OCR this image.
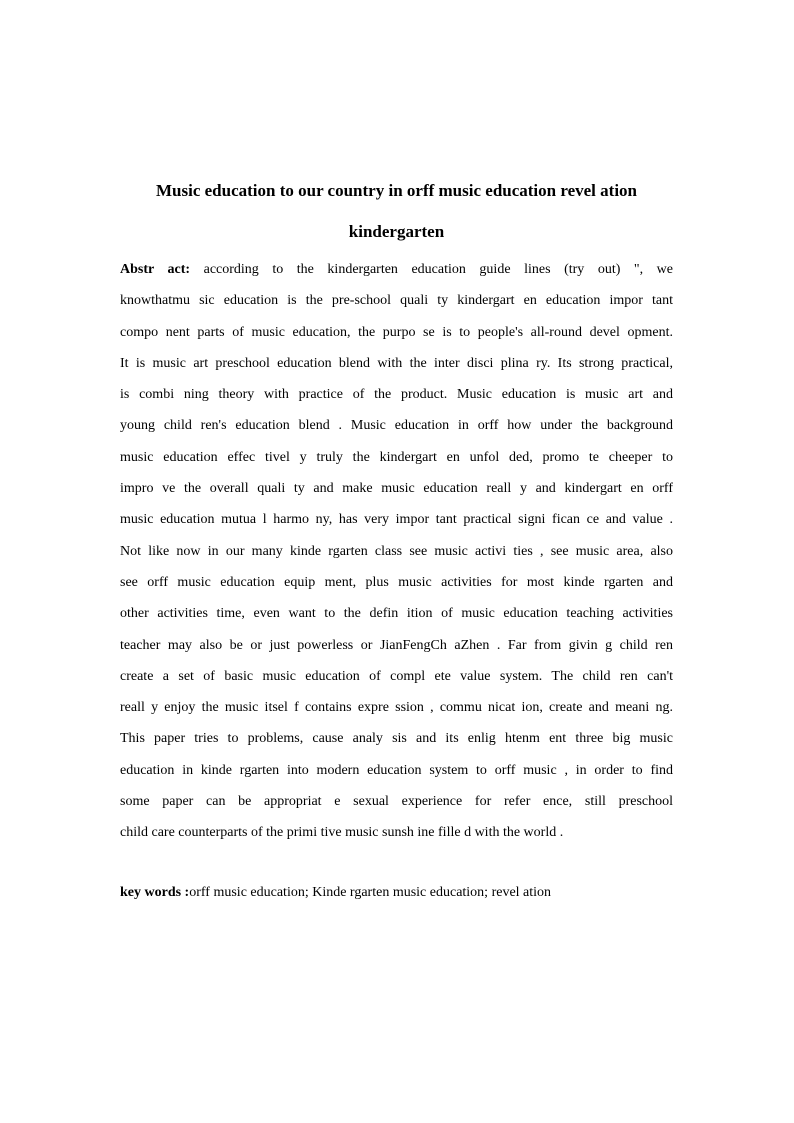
Music education to our country in orff music education revel ation
kindergarten
Abstr act: according to the kindergarten education guide lines (try out) ", we
knowthatmu sic education is the pre-school quali ty kindergart en education impor tant
compo nent parts of music education, the purpo se is to people's all-round devel opment.
It is music art preschool education blend with the inter disci plina ry. Its strong practical,
is combi ning theory with practice of the product. Music education is music art and
young child ren's education blend . Music education in orff how under the background
music education effec tivel y truly the kindergart en unfol ded, promo te cheeper to
impro ve the overall quali ty and make music education reall y and kindergart en orff
music education mutua l harmo ny, has very impor tant practical signi fican ce and value .
Not like now in our many kinde rgarten class see music activi ties , see music area, also
see orff music education equip ment, plus music activities for most kinde rgarten and
other activities time, even want to the defin ition of music education teaching activities
teacher may also be or just powerless or JianFengCh aZhen . Far from givin g child ren
create a set of basic music education of compl ete value system. The child ren can't
reall y enjoy the music itsel f contains expre ssion , commu nicat ion, create and meani ng.
This paper tries to problems, cause analy sis and its enlig htenm ent three big music
education in kinde rgarten into modern education system to orff music , in order to find
some paper can be appropriat e sexual experience for refer ence, still preschool
child care counterparts of the primi tive music sunsh ine fille d with the world .

key words :orff music education; Kinde rgarten music education; revel ation
